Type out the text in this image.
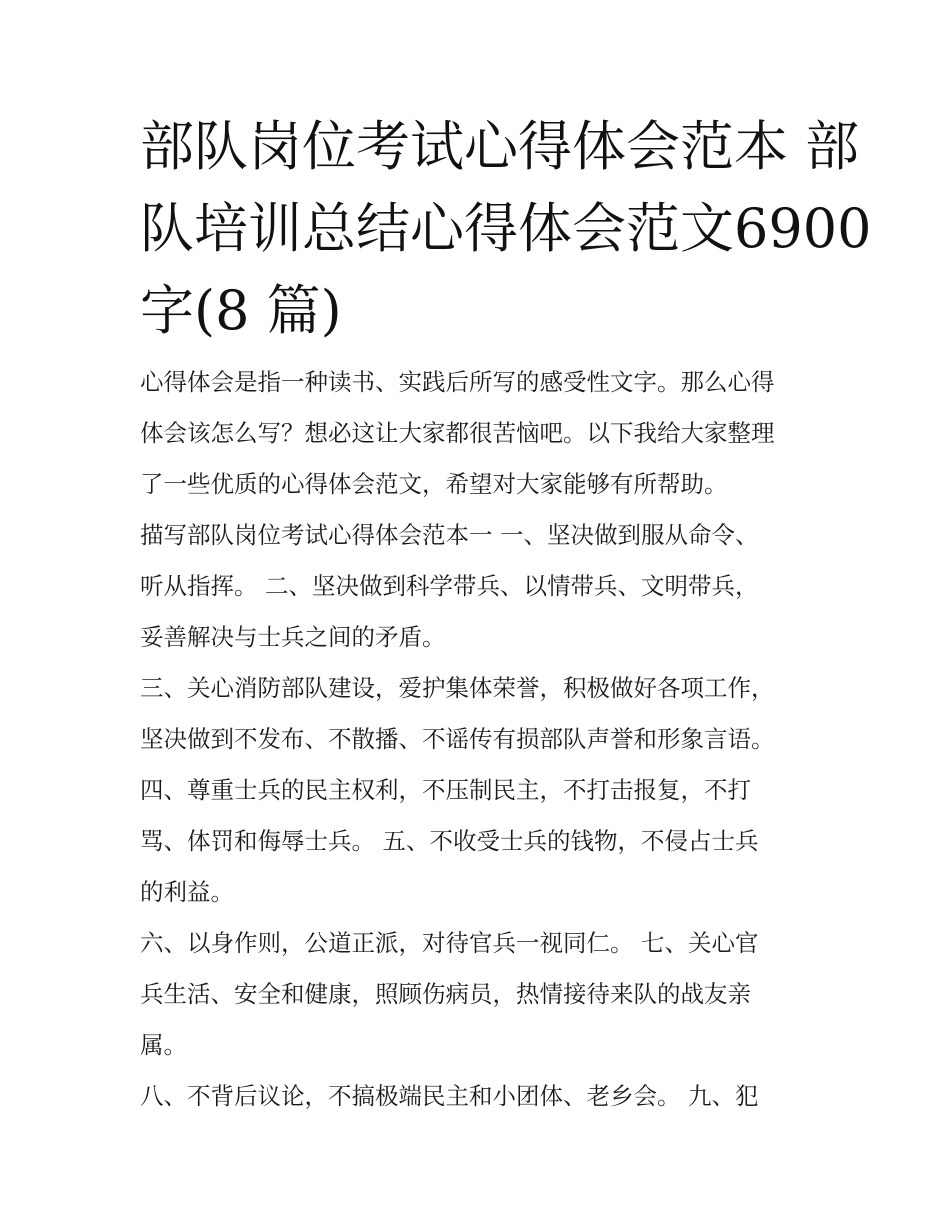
部队岗位考试心得体会范本 部
队培训总结心得体会范文6900
字(8 篇)
心得体会是指一种读书、实践后所写的感受性文字。那么心得
体会该怎么写？想必这让大家都很苦恼吧。以下我给大家整理
了一些优质的心得体会范文，希望对大家能够有所帮助。
描写部队岗位考试心得体会范本一 一、坚决做到服从命令、
听从指挥。 二、坚决做到科学带兵、以情带兵、文明带兵，
妥善解决与士兵之间的矛盾。
三、关心消防部队建设，爱护集体荣誉，积极做好各项工作，
坚决做到不发布、不散播、不谣传有损部队声誉和形象言语。
四、尊重士兵的民主权利，不压制民主，不打击报复，不打
骂、体罚和侮辱士兵。 五、不收受士兵的钱物，不侵占士兵
的利益。
六、以身作则，公道正派，对待官兵一视同仁。 七、关心官
兵生活、安全和健康，照顾伤病员，热情接待来队的战友亲
属。
八、不背后议论，不搞极端民主和小团体、老乡会。 九、犯
